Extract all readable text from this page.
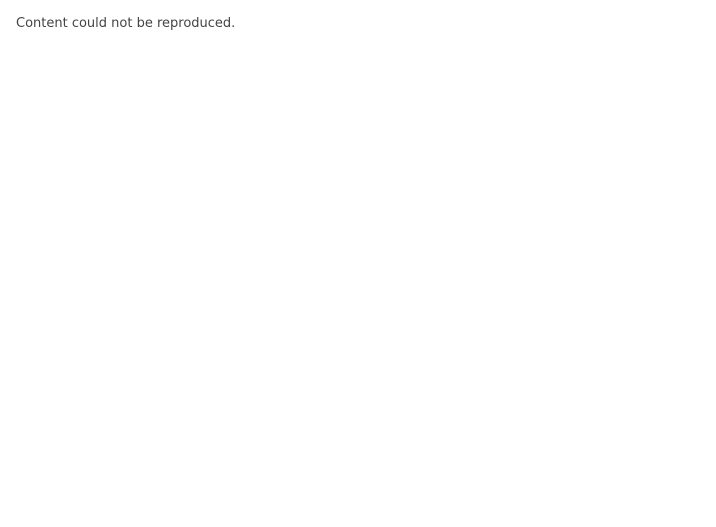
Content could not be reproduced.
